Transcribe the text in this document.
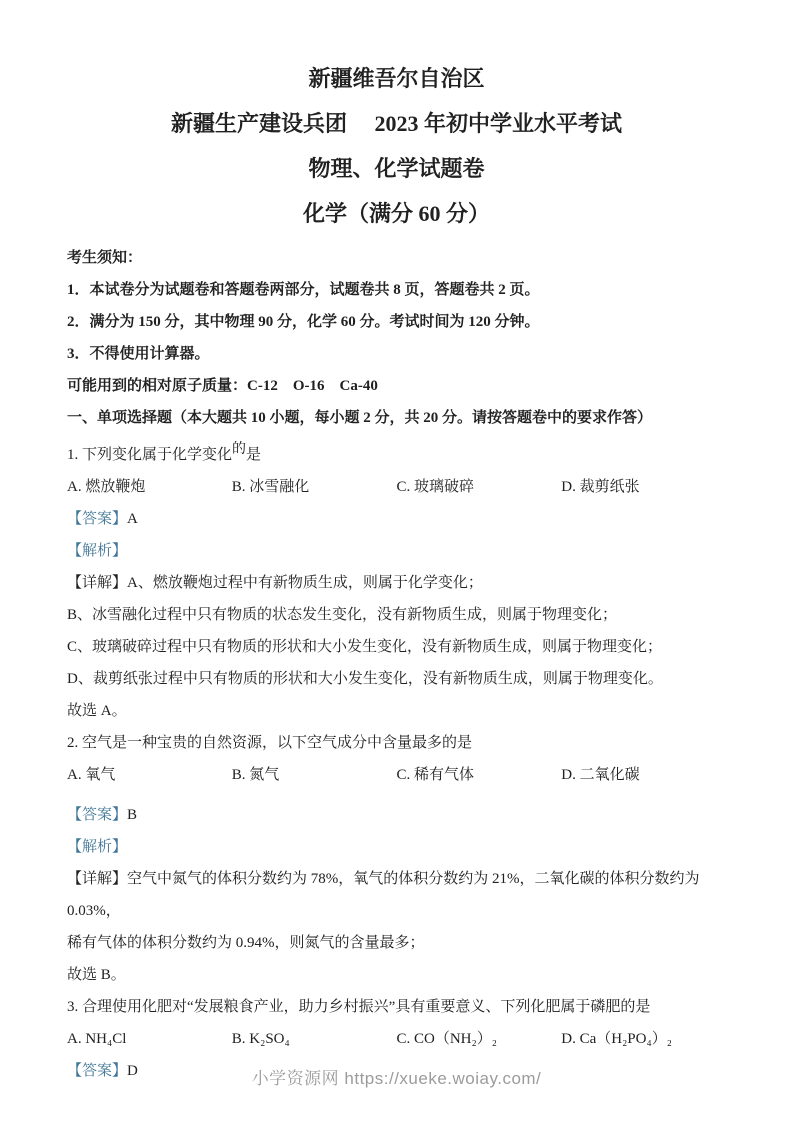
新疆维吾尔自治区
新疆生产建设兵团　 2023 年初中学业水平考试
物理、化学试题卷
化学（满分 60 分）

考生须知：

1．本试卷分为试题卷和答题卷两部分，试题卷共 8 页，答题卷共 2 页。

2．满分为 150 分，其中物理 90 分，化学 60 分。考试时间为 120 分钟。

3．不得使用计算器。

可能用到的相对原子质量：C-12　O-16　Ca-40

一、单项选择题（本大题共 10 小题，每小题 2 分，共 20 分。请按答题卷中的要求作答）

1. 下列变化属于化学变化的是

A. 燃放鞭炮	B. 冰雪融化	C. 玻璃破碎	D. 裁剪纸张

【答案】A

【解析】

【详解】A、燃放鞭炮过程中有新物质生成，则属于化学变化；

B、冰雪融化过程中只有物质的状态发生变化，没有新物质生成，则属于物理变化；

C、玻璃破碎过程中只有物质的形状和大小发生变化，没有新物质生成，则属于物理变化；

D、裁剪纸张过程中只有物质的形状和大小发生变化，没有新物质生成，则属于物理变化。

故选 A。

2. 空气是一种宝贵的自然资源，以下空气成分中含量最多的是

A. 氧气	B. 氮气	C. 稀有气体	D. 二氧化碳

【答案】B

【解析】

【详解】空气中氮气的体积分数约为 78%，氧气的体积分数约为 21%，二氧化碳的体积分数约为 0.03%，

稀有气体的体积分数约为 0.94%，则氮气的含量最多；

故选 B。

3. 合理使用化肥对“发展粮食产业，助力乡村振兴”具有重要意义、下列化肥属于磷肥的是

A. NH₄Cl	B. K₂SO₄	C. CO（NH₂）₂	D. Ca（H₂PO₄）₂

【答案】D	小学资源网 https://xueke.woiay.com/
